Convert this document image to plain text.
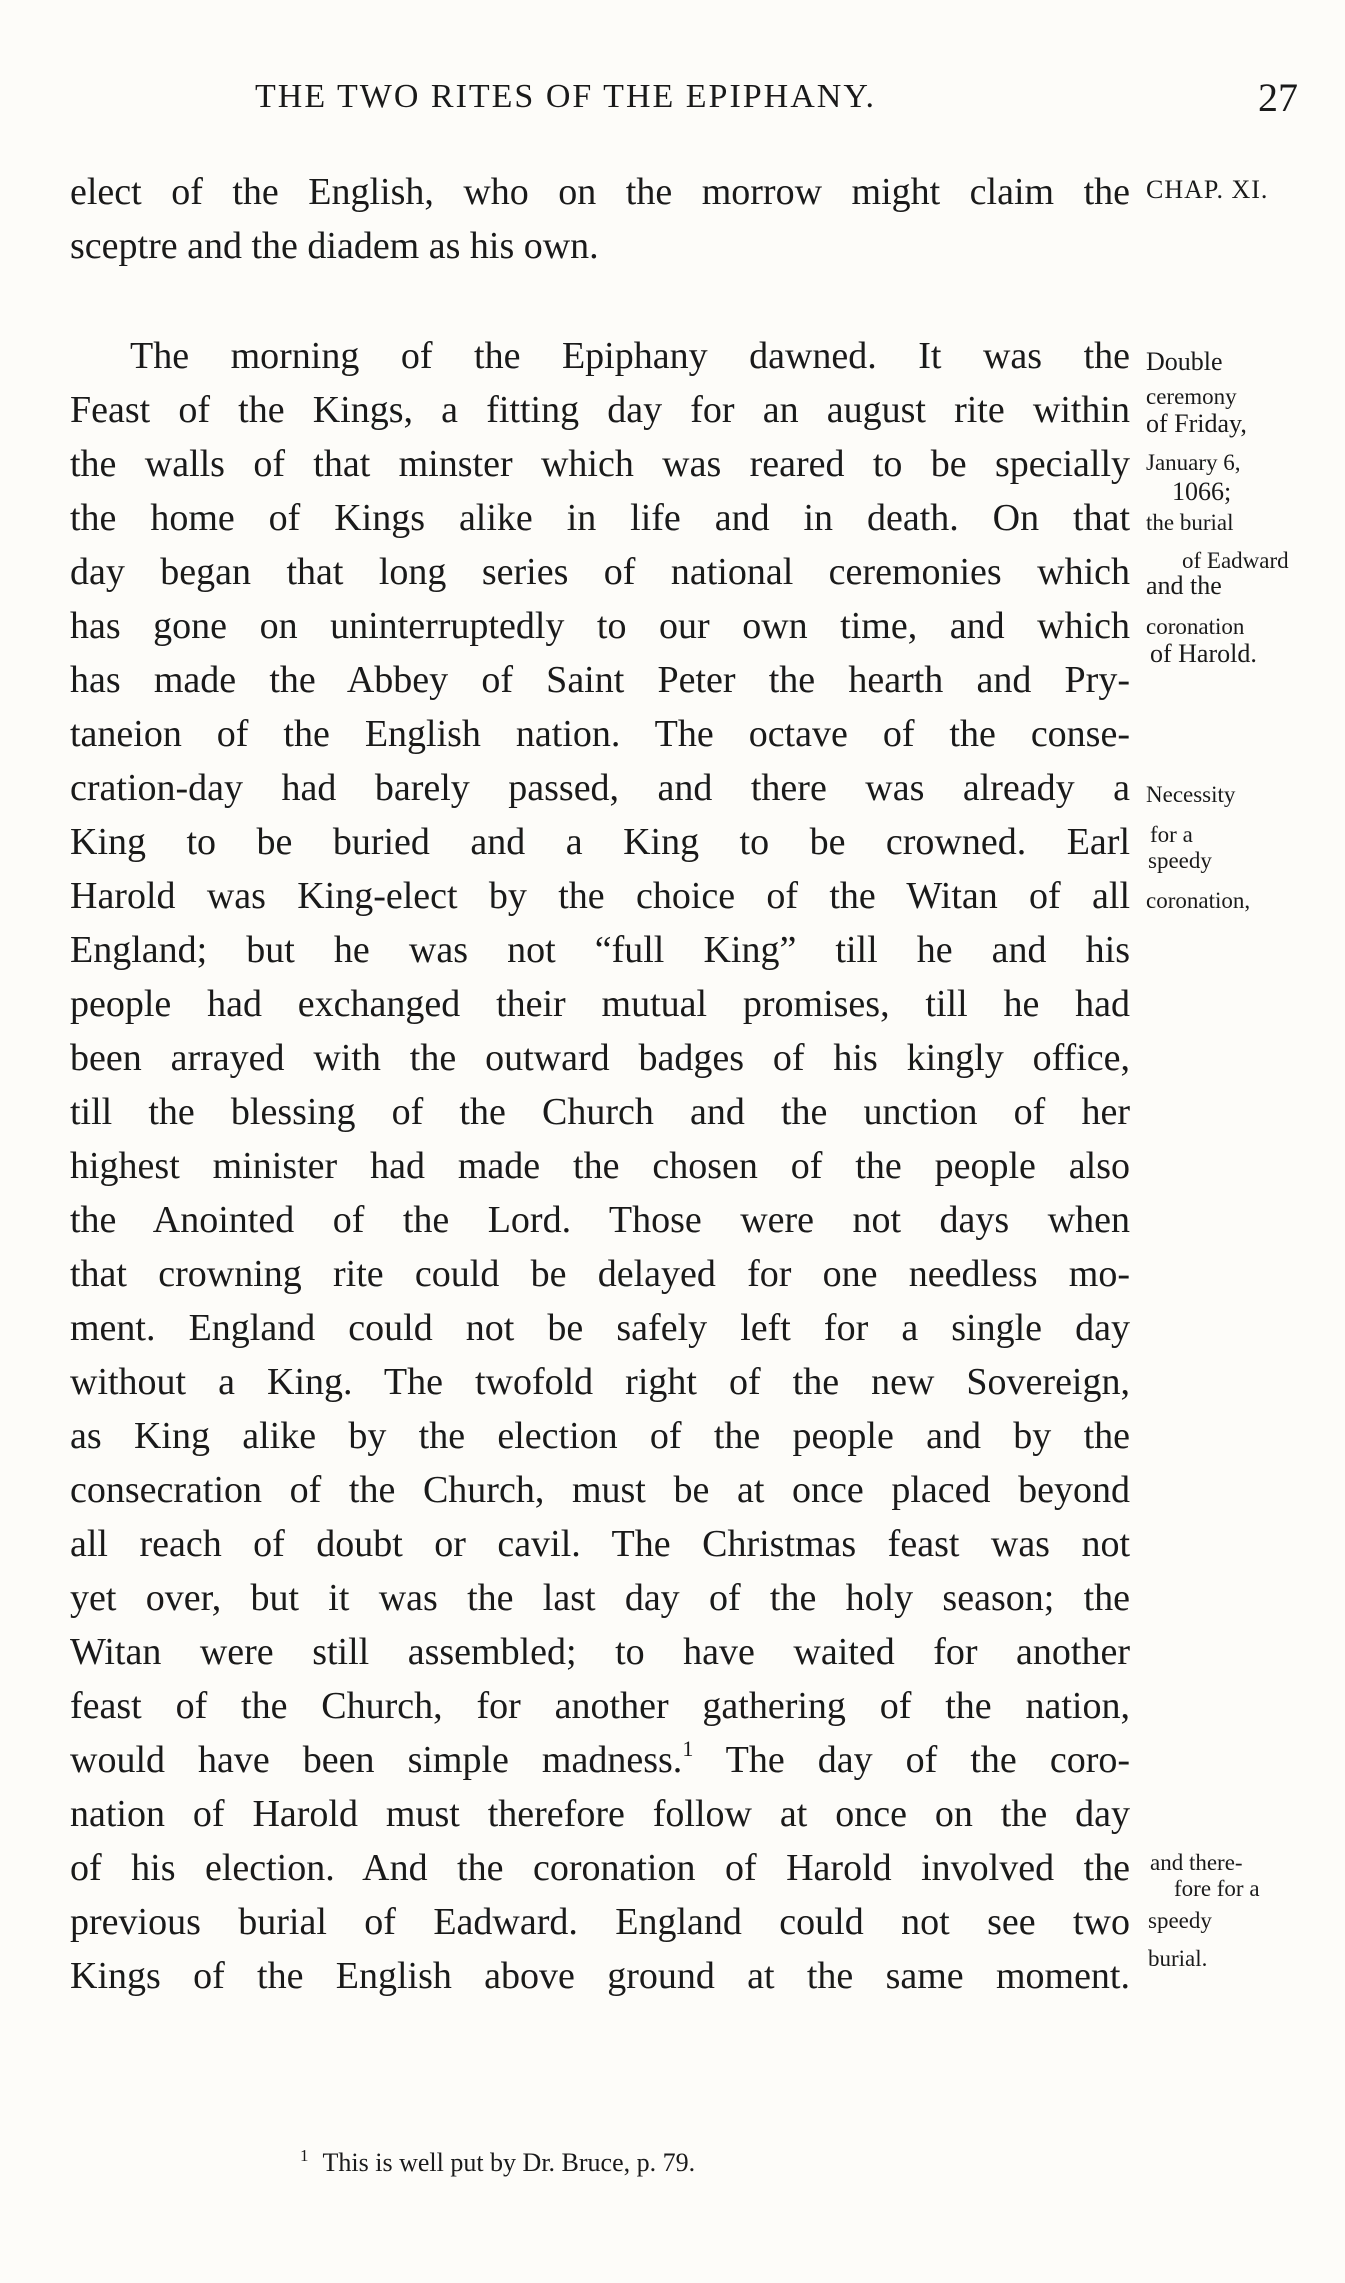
THE TWO RITES OF THE EPIPHANY.	27
elect of the English, who on the morrow might claim the
sceptre and the diadem as his own.
The morning of the Epiphany dawned. It was the
Feast of the Kings, a fitting day for an august rite within
the walls of that minster which was reared to be specially
the home of Kings alike in life and in death. On that
day began that long series of national ceremonies which
has gone on uninterruptedly to our own time, and which
has made the Abbey of Saint Peter the hearth and Pry-
taneion of the English nation. The octave of the conse-
cration-day had barely passed, and there was already a
King to be buried and a King to be crowned. Earl
Harold was King-elect by the choice of the Witan of all
England; but he was not “full King” till he and his
people had exchanged their mutual promises, till he had
been arrayed with the outward badges of his kingly office,
till the blessing of the Church and the unction of her
highest minister had made the chosen of the people also
the Anointed of the Lord. Those were not days when
that crowning rite could be delayed for one needless mo-
ment. England could not be safely left for a single day
without a King. The twofold right of the new Sovereign,
as King alike by the election of the people and by the
consecration of the Church, must be at once placed beyond
all reach of doubt or cavil. The Christmas feast was not
yet over, but it was the last day of the holy season; the
Witan were still assembled; to have waited for another
feast of the Church, for another gathering of the nation,
would have been simple madness.$^1$ The day of the coro-
nation of Harold must therefore follow at once on the day
of his election. And the coronation of Harold involved the
previous burial of Eadward. England could not see two
Kings of the English above ground at the same moment.
CHAP. XI.
Double
ceremony
of Friday,
January 6,
1066;
the burial
of Eadward
and the
coronation
of Harold.
Necessity
for a
speedy
coronation,
and there-
fore for a
speedy
burial.
$^1$ This is well put by Dr. Bruce, p. 79.
